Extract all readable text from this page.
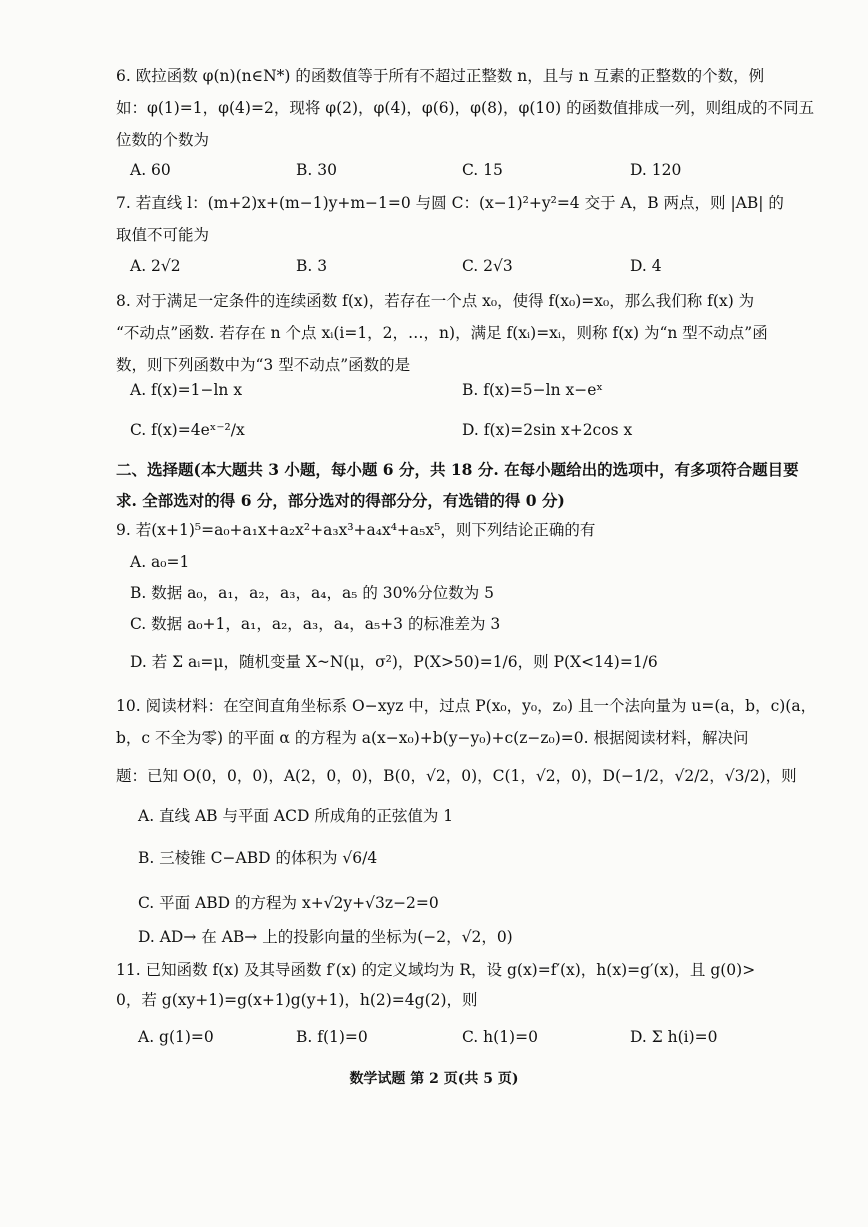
6. 欧拉函数 φ(n)(n∈N*) 的函数值等于所有不超过正整数 n，且与 n 互素的正整数的个数，例
如：φ(1)=1，φ(4)=2，现将 φ(2)，φ(4)，φ(6)，φ(8)，φ(10) 的函数值排成一列，则组成的不同五
位数的个数为
A. 60	B. 30	C. 15	D. 120
7. 若直线 l：(m+2)x+(m−1)y+m−1=0 与圆 C：(x−1)²+y²=4 交于 A，B 两点，则 |AB| 的
取值不可能为
A. 2√2	B. 3	C. 2√3	D. 4
8. 对于满足一定条件的连续函数 f(x)，若存在一个点 x₀，使得 f(x₀)=x₀，那么我们称 f(x) 为
“不动点”函数. 若存在 n 个点 xᵢ(i=1，2，…，n)，满足 f(xᵢ)=xᵢ，则称 f(x) 为“n 型不动点”函
数，则下列函数中为“3 型不动点”函数的是
A. f(x)=1−ln x	B. f(x)=5−ln x−eˣ
C. f(x)=4eˣ⁻²/x	D. f(x)=2sin x+2cos x
二、选择题(本大题共 3 小题，每小题 6 分，共 18 分. 在每小题给出的选项中，有多项符合题目要
求. 全部选对的得 6 分，部分选对的得部分分，有选错的得 0 分)
9. 若(x+1)⁵=a₀+a₁x+a₂x²+a₃x³+a₄x⁴+a₅x⁵，则下列结论正确的有
A. a₀=1
B. 数据 a₀，a₁，a₂，a₃，a₄，a₅ 的 30%分位数为 5
C. 数据 a₀+1，a₁，a₂，a₃，a₄，a₅+3 的标准差为 3
D. 若 Σ aᵢ=μ，随机变量 X~N(μ，σ²)，P(X>50)=1/6，则 P(X<14)=1/6
10. 阅读材料：在空间直角坐标系 O−xyz 中，过点 P(x₀，y₀，z₀) 且一个法向量为 u=(a，b，c)(a，
b，c 不全为零) 的平面 α 的方程为 a(x−x₀)+b(y−y₀)+c(z−z₀)=0. 根据阅读材料，解决问
题：已知 O(0，0，0)，A(2，0，0)，B(0，√2，0)，C(1，√2，0)，D(−1/2，√2/2，√3/2)，则
A. 直线 AB 与平面 ACD 所成角的正弦值为 1
B. 三棱锥 C−ABD 的体积为 √6/4
C. 平面 ABD 的方程为 x+√2y+√3z−2=0
D. AD→ 在 AB→ 上的投影向量的坐标为(−2，√2，0)
11. 已知函数 f(x) 及其导函数 f′(x) 的定义域均为 R，设 g(x)=f′(x)，h(x)=g′(x)，且 g(0)>
0，若 g(xy+1)=g(x+1)g(y+1)，h(2)=4g(2)，则
A. g(1)=0	B. f(1)=0	C. h(1)=0	D. Σ h(i)=0
数学试题 第 2 页(共 5 页)
